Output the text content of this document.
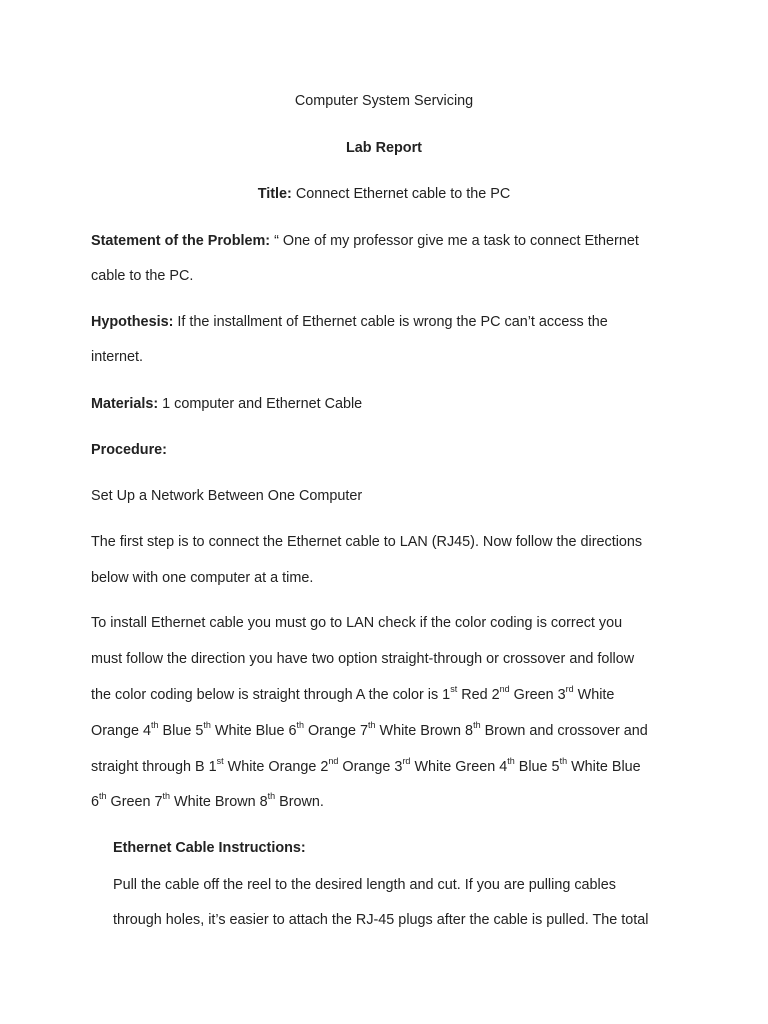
Computer System Servicing
Lab Report
Title: Connect Ethernet cable to the PC
Statement of the Problem: “ One of my professor give me a task to connect Ethernet
cable to the PC.
Hypothesis: If the installment of Ethernet cable is wrong the PC can’t access the
internet.
Materials: 1 computer and Ethernet Cable
Procedure:
Set Up a Network Between One Computer
The first step is to connect the Ethernet cable to LAN (RJ45). Now follow the directions
below with one computer at a time.
To install Ethernet cable you must go to LAN check if the color coding is correct you
must follow the direction you have two option straight-through or crossover and follow
the color coding below is straight through A the color is 1st Red 2nd Green 3rd White
Orange 4th Blue 5th White Blue 6th Orange 7th White Brown 8th Brown and crossover and
straight through B 1st White Orange 2nd Orange 3rd White Green 4th Blue 5th White Blue
6th Green 7th White Brown 8th Brown.
Ethernet Cable Instructions:
Pull the cable off the reel to the desired length and cut. If you are pulling cables
through holes, it’s easier to attach the RJ-45 plugs after the cable is pulled. The total
